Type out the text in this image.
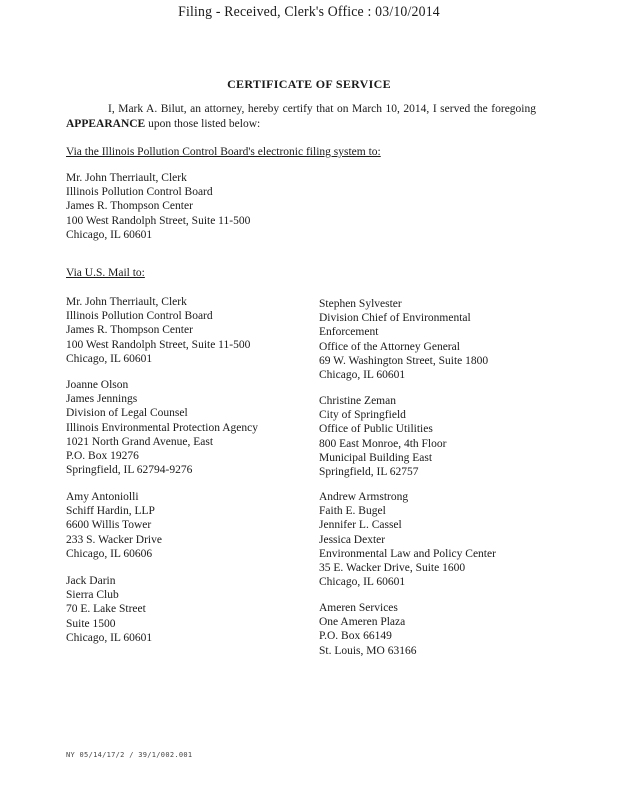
Filing - Received, Clerk's Office : 03/10/2014
CERTIFICATE OF SERVICE
I, Mark A. Bilut, an attorney, hereby certify that on March 10, 2014, I served the foregoing APPEARANCE upon those listed below:
Via the Illinois Pollution Control Board's electronic filing system to:
Mr. John Therriault, Clerk
Illinois Pollution Control Board
James R. Thompson Center
100 West Randolph Street, Suite 11-500
Chicago, IL 60601
Via U.S. Mail to:
Mr. John Therriault, Clerk
Illinois Pollution Control Board
James R. Thompson Center
100 West Randolph Street, Suite 11-500
Chicago, IL 60601
Joanne Olson
James Jennings
Division of Legal Counsel
Illinois Environmental Protection Agency
1021 North Grand Avenue, East
P.O. Box 19276
Springfield, IL 62794-9276
Amy Antoniolli
Schiff Hardin, LLP
6600 Willis Tower
233 S. Wacker Drive
Chicago, IL 60606
Jack Darin
Sierra Club
70 E. Lake Street
Suite 1500
Chicago, IL 60601
Stephen Sylvester
Division Chief of Environmental
Enforcement
Office of the Attorney General
69 W. Washington Street, Suite 1800
Chicago, IL 60601
Christine Zeman
City of Springfield
Office of Public Utilities
800 East Monroe, 4th Floor
Municipal Building East
Springfield, IL 62757
Andrew Armstrong
Faith E. Bugel
Jennifer L. Cassel
Jessica Dexter
Environmental Law and Policy Center
35 E. Wacker Drive, Suite 1600
Chicago, IL 60601
Ameren Services
One Ameren Plaza
P.O. Box 66149
St. Louis, MO 63166
NY 05/14/17/2 / 39/1/002.001
